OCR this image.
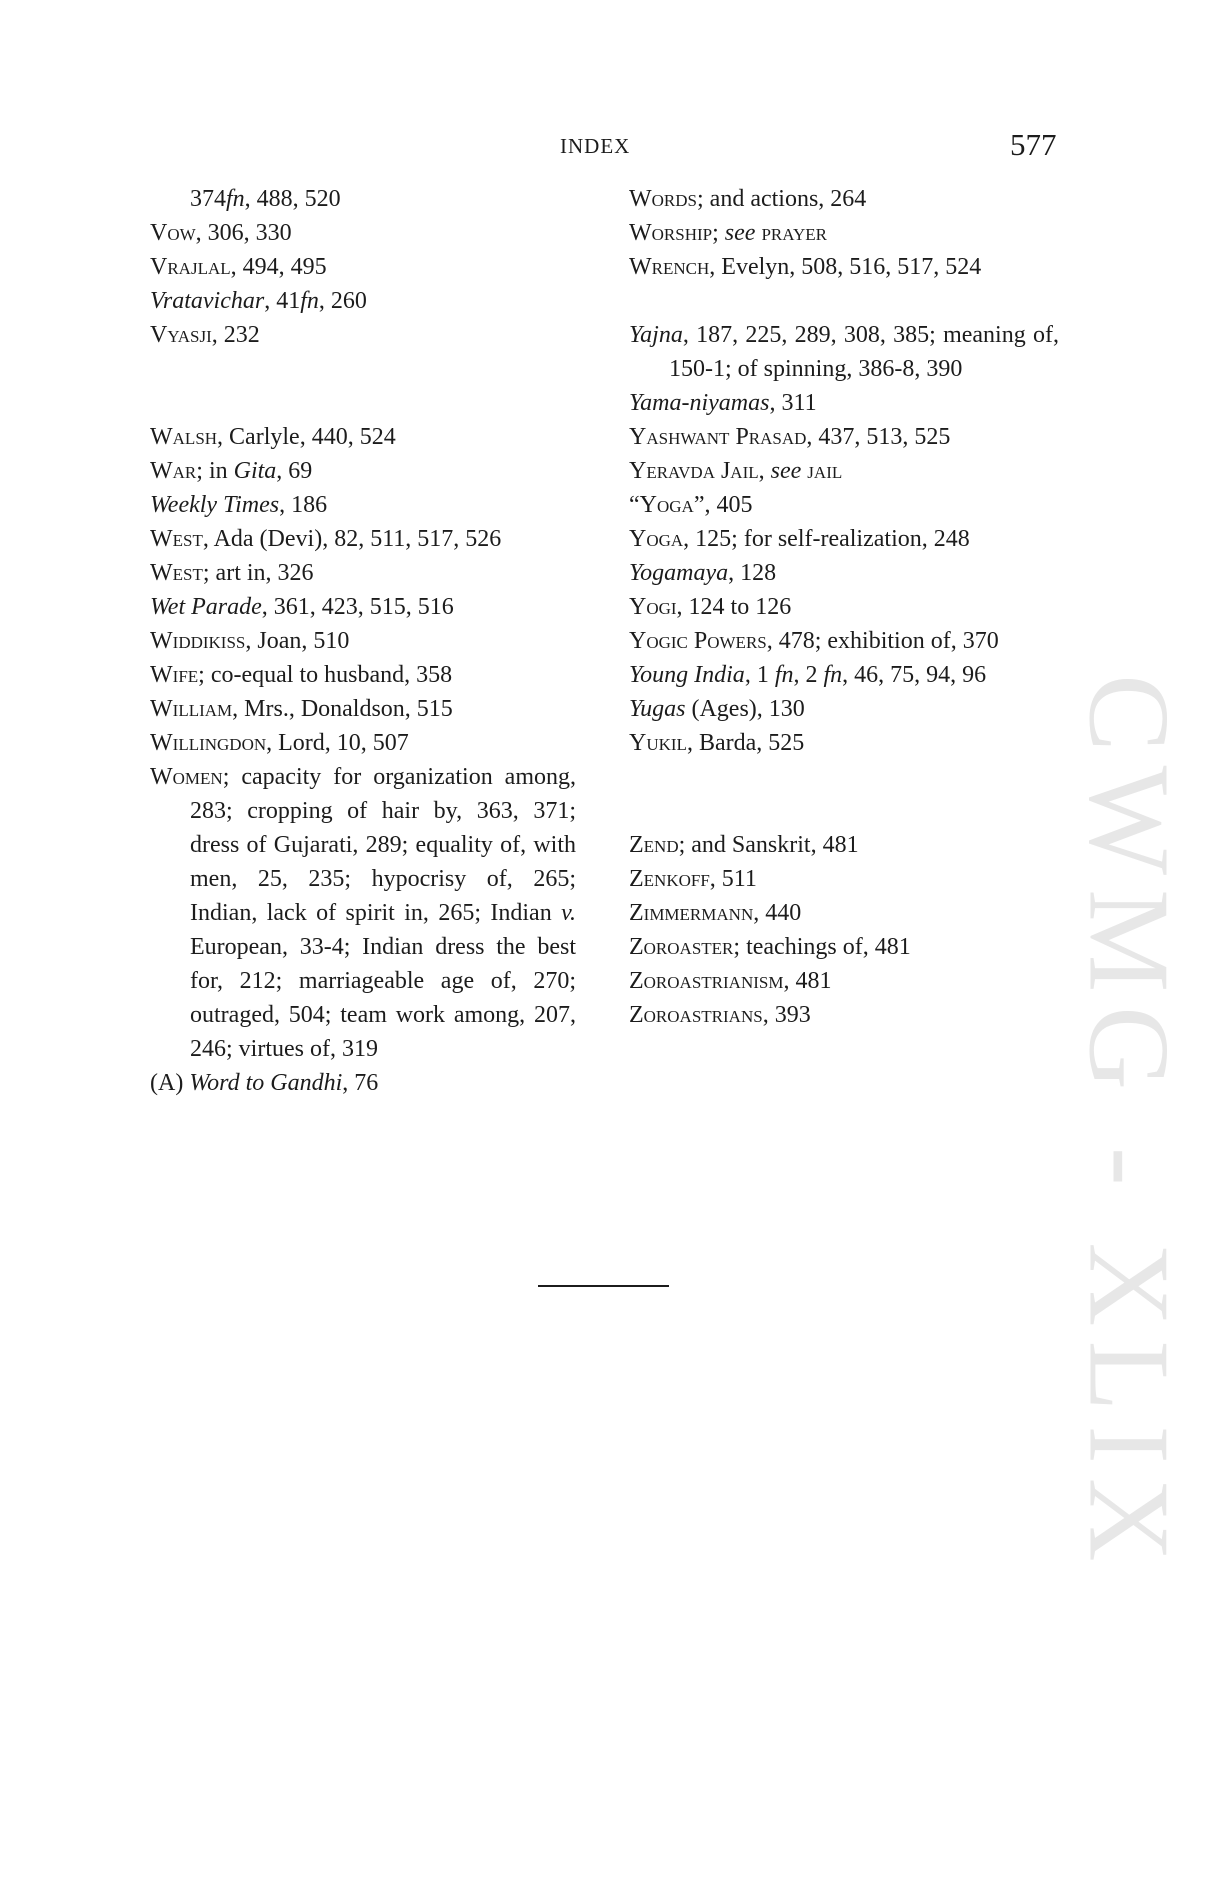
INDEX	577
CWMG - XLIX
374fn, 488, 520
Vow, 306, 330
Vrajlal, 494, 495
Vratavichar, 41fn, 260
Vyasji, 232
Walsh, Carlyle, 440, 524
War; in Gita, 69
Weekly Times, 186
West, Ada (Devi), 82, 511, 517, 526
West; art in, 326
Wet Parade, 361, 423, 515, 516
Widdikiss, Joan, 510
Wife; co-equal to husband, 358
William, Mrs., Donaldson, 515
Willingdon, Lord, 10, 507
Women; capacity for organization among, 283; cropping of hair by, 363, 371; dress of Gujarati, 289; equality of, with men, 25, 235; hypocrisy of, 265; Indian, lack of spirit in, 265; Indian v. European, 33-4; Indian dress the best for, 212; marriageable age of, 270; outraged, 504; team work among, 207, 246; virtues of, 319
(A) Word to Gandhi, 76
Words; and actions, 264
Worship; see prayer
Wrench, Evelyn, 508, 516, 517, 524
Yajna, 187, 225, 289, 308, 385; meaning of, 150-1; of spinning, 386-8, 390
Yama-niyamas, 311
Yashwant Prasad, 437, 513, 525
Yeravda Jail, see jail
“Yoga”, 405
Yoga, 125; for self-realization, 248
Yogamaya, 128
Yogi, 124 to 126
Yogic Powers, 478; exhibition of, 370
Young India, 1 fn, 2 fn, 46, 75, 94, 96
Yugas (Ages), 130
Yukil, Barda, 525
Zend; and Sanskrit, 481
Zenkoff, 511
Zimmermann, 440
Zoroaster; teachings of, 481
Zoroastrianism, 481
Zoroastrians, 393
